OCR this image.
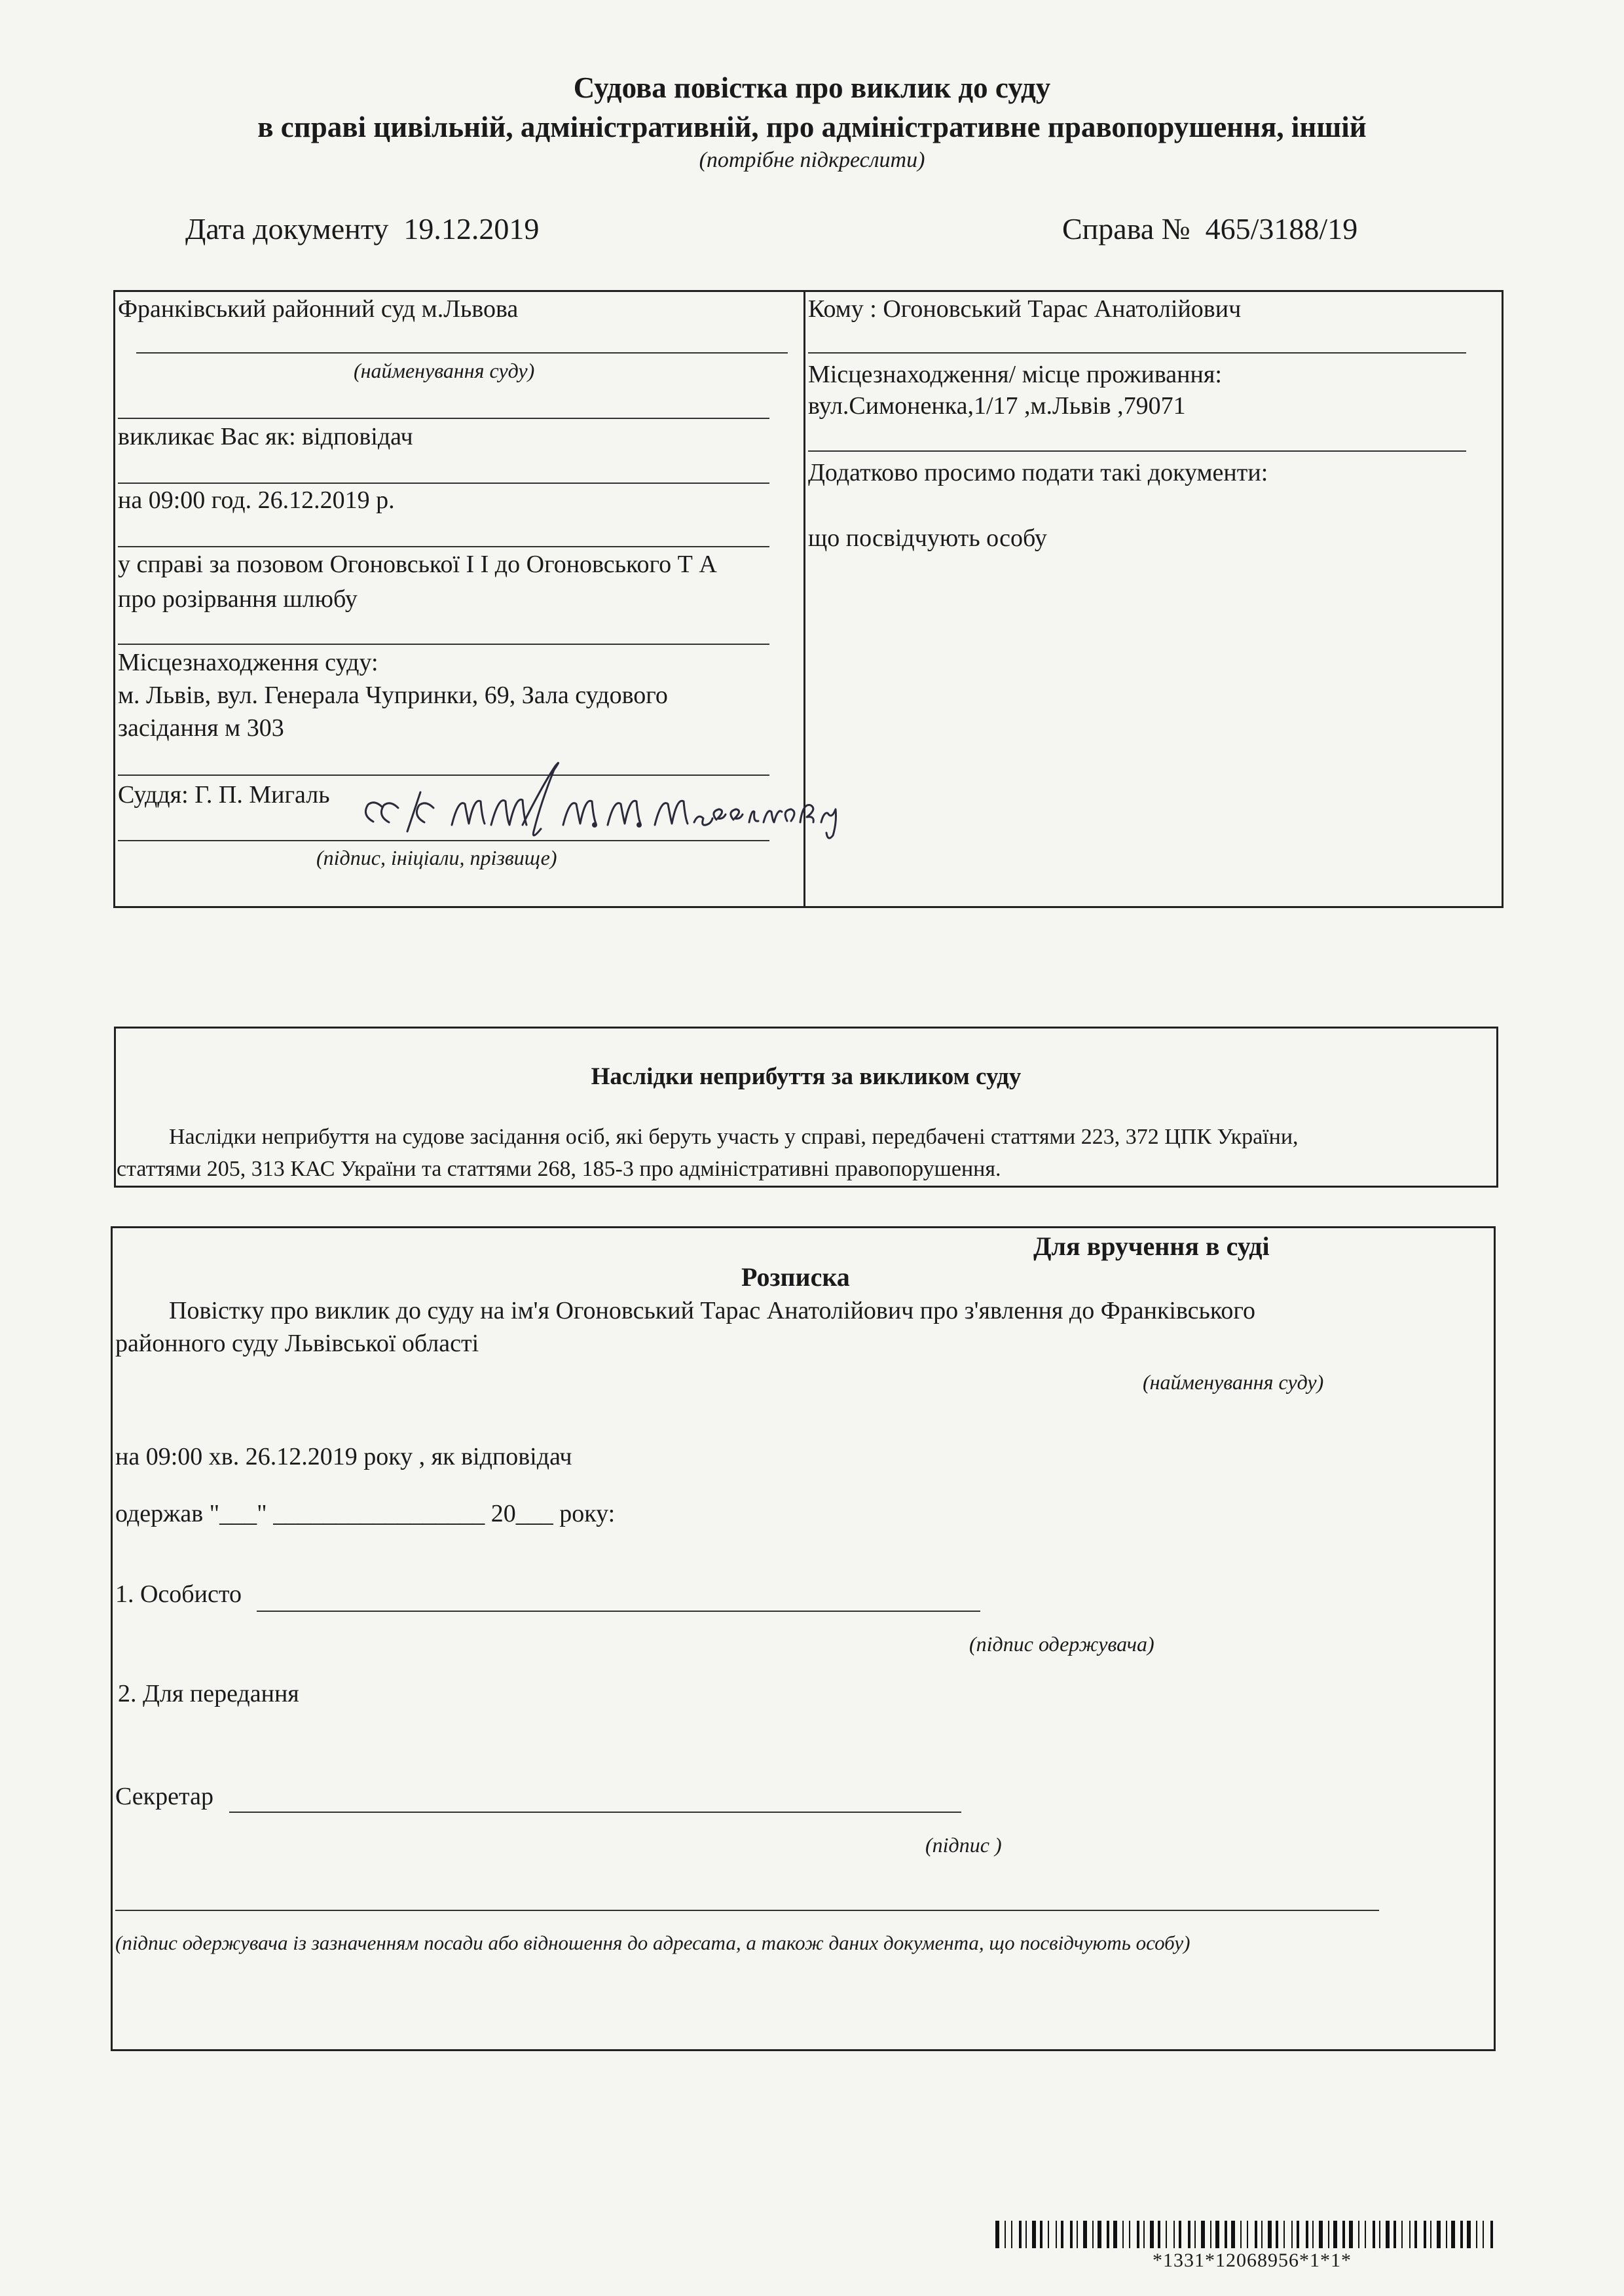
Судова повістка про виклик до суду
в справі цивільній, адміністративній, про адміністративне правопорушення, іншій
(потрібне підкреслити)
Дата документу 19.12.2019	Справа № 465/3188/19
Франківський районний суд м.Львова
(найменування суду)
викликає Вас як: відповідач
на 09:00 год. 26.12.2019 р.
у справі за позовом Огоновської І І до Огоновського Т А
про розірвання шлюбу
Місцезнаходження суду:
м. Львів, вул. Генерала Чупринки, 69, Зала судового
засідання м 303
Суддя: Г. П. Мигаль
(підпис, ініціали, прізвище)
Кому : Огоновський Тарас Анатолійович
Місцезнаходження/ місце проживання:
вул.Симоненка,1/17 ,м.Львів ,79071
Додатково просимо подати такі документи:
що посвідчують особу
Наслідки неприбуття за викликом суду
Наслідки неприбуття на судове засідання осіб, які беруть участь у справі, передбачені статтями 223, 372 ЦПК України,
статтями 205, 313 КАС України та статтями 268, 185-3 про адміністративні правопорушення.
Для вручення в суді
Розписка
Повістку про виклик до суду на ім'я Огоновський Тарас Анатолійович про з'явлення до Франківського
районного суду Львівської області
(найменування суду)
на 09:00 хв. 26.12.2019 року , як відповідач
одержав "___" _________________ 20___ року:
1. Особисто
(підпис одержувача)
2. Для передання
Секретар
(підпис )
(підпис одержувача із зазначенням посади або відношення до адресата, а також даних документа, що посвідчують особу)
*1331*12068956*1*1*
